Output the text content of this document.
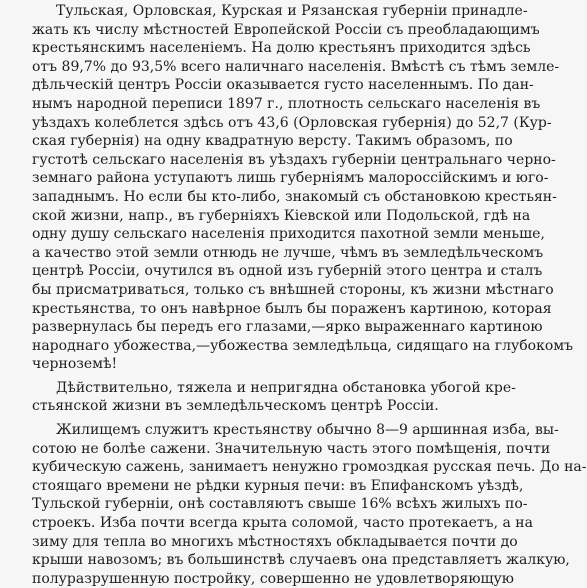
Тульская, Орловская, Курская и Рязанская губерніи принадле-
жать къ числу мѣстностей Европейской Россіи съ преобладающимъ
крестьянскимъ населеніемъ. На долю крестьянъ приходится здѣсь
отъ 89,7% до 93,5% всего наличнаго населенія. Вмѣстѣ съ тѣмъ земле-
дѣльческій центръ Россіи оказывается густо населеннымъ. По дан-
нымъ народной переписи 1897 г., плотность сельскаго населенія въ
уѣздахъ колеблется здѣсь отъ 43,6 (Орловская губернія) до 52,7 (Кур-
ская губернія) на одну квадратную версту. Такимъ образомъ, по
густотѣ сельскаго населенія въ уѣздахъ губерніи центральнаго черно-
земнаго района уступаютъ лишь губерніямъ малороссійскимъ и юго-
западнымъ. Но если бы кто-либо, знакомый съ обстановкою крестьян-
ской жизни, напр., въ губерніяхъ Кіевской или Подольской, гдѣ на
одну душу сельскаго населенія приходится пахотной земли меньше,
а качество этой земли отнюдь не лучше, чѣмъ въ земледѣльческомъ
центрѣ Россіи, очутился въ одной изъ губерній этого центра и сталъ
бы присматриваться, только съ внѣшней стороны, къ жизни мѣстнаго
крестьянства, то онъ навѣрное былъ бы пораженъ картиною, которая
развернулась бы передъ его глазами,—ярко выраженнаго картиною
народнаго убожества,—убожества земледѣльца, сидящаго на глубокомъ
черноземѣ!
Дѣйствительно, тяжела и непригядна обстановка убогой кре-
стьянской жизни въ земледѣльческомъ центрѣ Россіи.
Жилищемъ служитъ крестьянству обычно 8—9 аршинная изба, вы-
сотою не болѣе сажени. Значительную часть этого помѣщенія, почти
кубическую сажень, занимаетъ ненужно громоздкая русская печь. До на-
стоящаго времени не рѣдки курныя печи: въ Епифанскомъ уѣздѣ,
Тульской губерніи, онѣ составляютъ свыше 16% всѣхъ жилыхъ по-
строекъ. Изба почти всегда крыта соломой, часто протекаетъ, а на
зиму для тепла во многихъ мѣстностяхъ обкладывается почти до
крыши навозомъ; въ большинствѣ случаевъ она представляетъ жалкую,
полуразрушенную постройку, совершенно не удовлетворяющую
